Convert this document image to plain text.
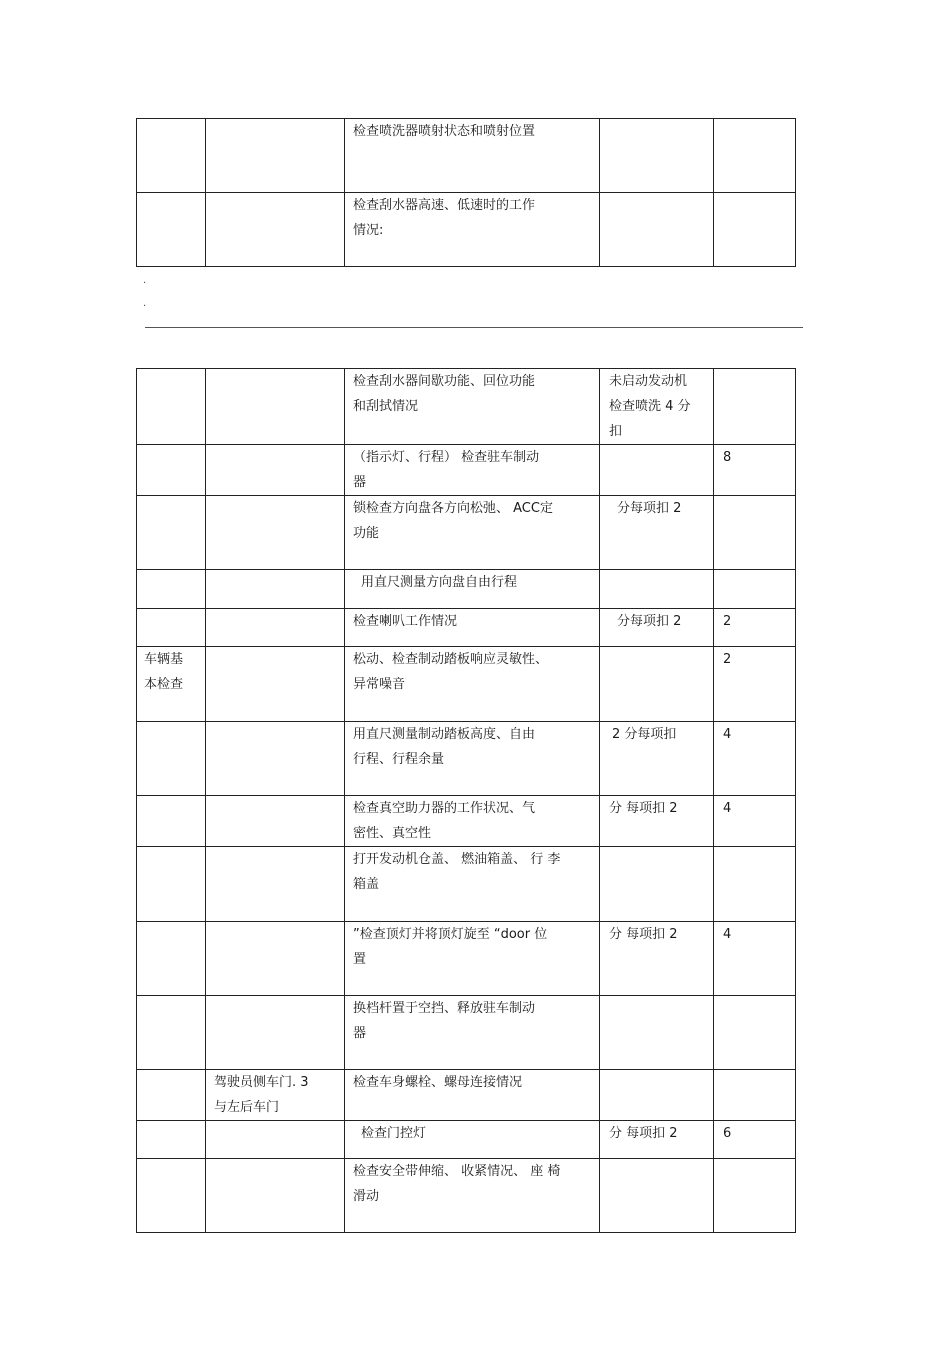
		检查喷洗器喷射状态和喷射位置		

		检查刮水器高速、低速时的工作
情况:		

.
.

		检查刮水器间歇功能、回位功能
和刮拭情况	未启动发动机
检查喷洗 4 分
扣	

		（指示灯、行程） 检查驻车制动
器		8

		锁检查方向盘各方向松弛、 ACC定
功能	分每项扣 2	

		用直尺测量方向盘自由行程		

		检查喇叭工作情况	分每项扣 2	2

车辆基
本检查		松动、检查制动踏板响应灵敏性、
异常噪音		2

		用直尺测量制动踏板高度、自由
行程、行程余量	2 分每项扣	4

		检查真空助力器的工作状况、气
密性、真空性	分 每项扣 2	4

		打开发动机仓盖、 燃油箱盖、 行 李
箱盖		

		”检查顶灯并将顶灯旋至 “door 位
置	分 每项扣 2	4

		换档杆置于空挡、释放驻车制动
器		

	驾驶员侧车门. 3
与左后车门	检查车身螺栓、螺母连接情况		

		检查门控灯	分 每项扣 2	6

		检查安全带伸缩、 收紧情况、 座 椅
滑动		
